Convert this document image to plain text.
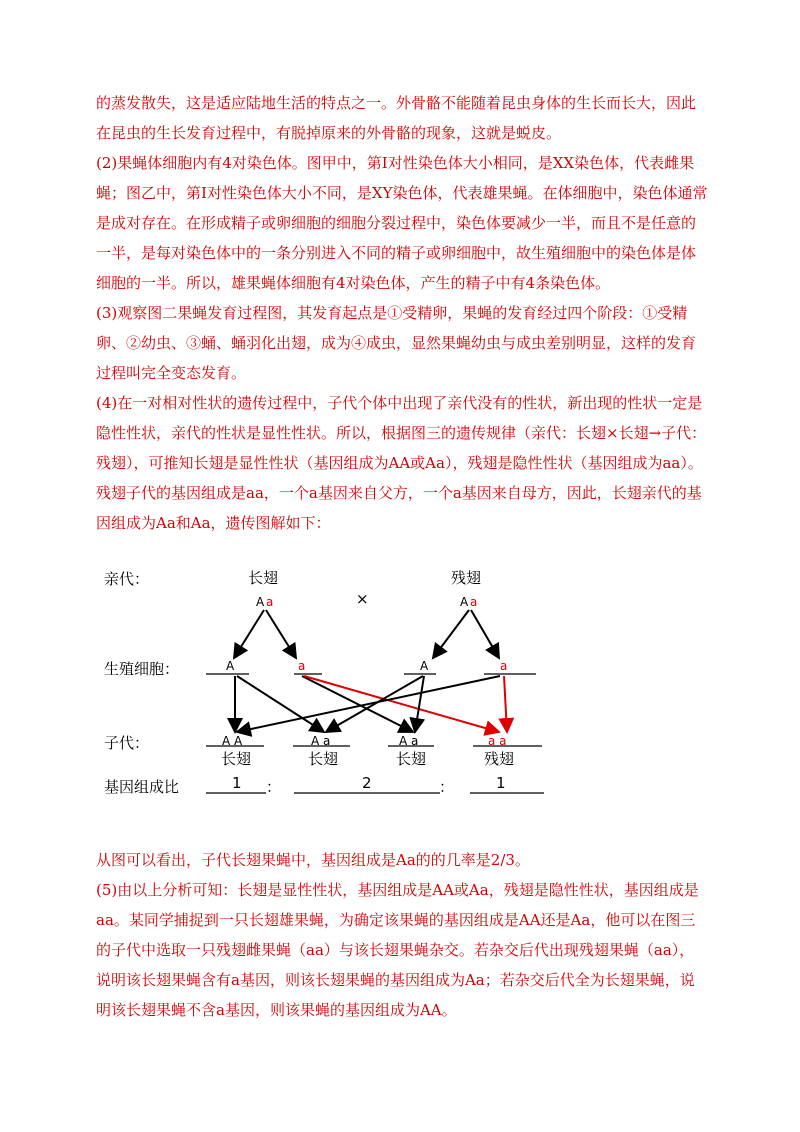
的蒸发散失，这是适应陆地生活的特点之一。外骨骼不能随着昆虫身体的生长而长大，因此在昆虫的生长发育过程中，有脱掉原来的外骨骼的现象，这就是蜕皮。

(2)果蝇体细胞内有4对染色体。图甲中，第Ⅰ对性染色体大小相同，是XX染色体，代表雌果蝇；图乙中，第Ⅰ对性染色体大小不同，是XY染色体，代表雄果蝇。在体细胞中，染色体通常是成对存在。在形成精子或卵细胞的细胞分裂过程中，染色体要减少一半，而且不是任意的一半，是每对染色体中的一条分别进入不同的精子或卵细胞中，故生殖细胞中的染色体是体细胞的一半。所以，雄果蝇体细胞有4对染色体，产生的精子中有4条染色体。

(3)观察图二果蝇发育过程图，其发育起点是①受精卵，果蝇的发育经过四个阶段：①受精卵、②幼虫、③蛹、蛹羽化出翅，成为④成虫，显然果蝇幼虫与成虫差别明显，这样的发育过程叫完全变态发育。

(4)在一对相对性状的遗传过程中，子代个体中出现了亲代没有的性状，新出现的性状一定是隐性性状，亲代的性状是显性性状。所以，根据图三的遗传规律（亲代：长翅×长翅→子代：残翅），可推知长翅是显性性状（基因组成为AA或Aa），残翅是隐性性状（基因组成为aa）。残翅子代的基因组成是aa，一个a基因来自父方，一个a基因来自母方，因此，长翅亲代的基因组成为Aa和Aa，遗传图解如下：

亲代：	长翅	残翅
A a	×	A a
生殖细胞：	A	a	A	a
子代：	A A	A a	A a	a a
长翅	长翅	长翅	残翅
基因组成比	1 ：	2	：	1

从图可以看出，子代长翅果蝇中，基因组成是Aa的的几率是2/3。

(5)由以上分析可知：长翅是显性性状，基因组成是AA或Aa，残翅是隐性性状，基因组成是aa。某同学捕捉到一只长翅雄果蝇，为确定该果蝇的基因组成是AA还是Aa，他可以在图三的子代中选取一只残翅雌果蝇（aa）与该长翅果蝇杂交。若杂交后代出现残翅果蝇（aa），说明该长翅果蝇含有a基因，则该长翅果蝇的基因组成为Aa；若杂交后代全为长翅果蝇，说明该长翅果蝇不含a基因，则该果蝇的基因组成为AA。
